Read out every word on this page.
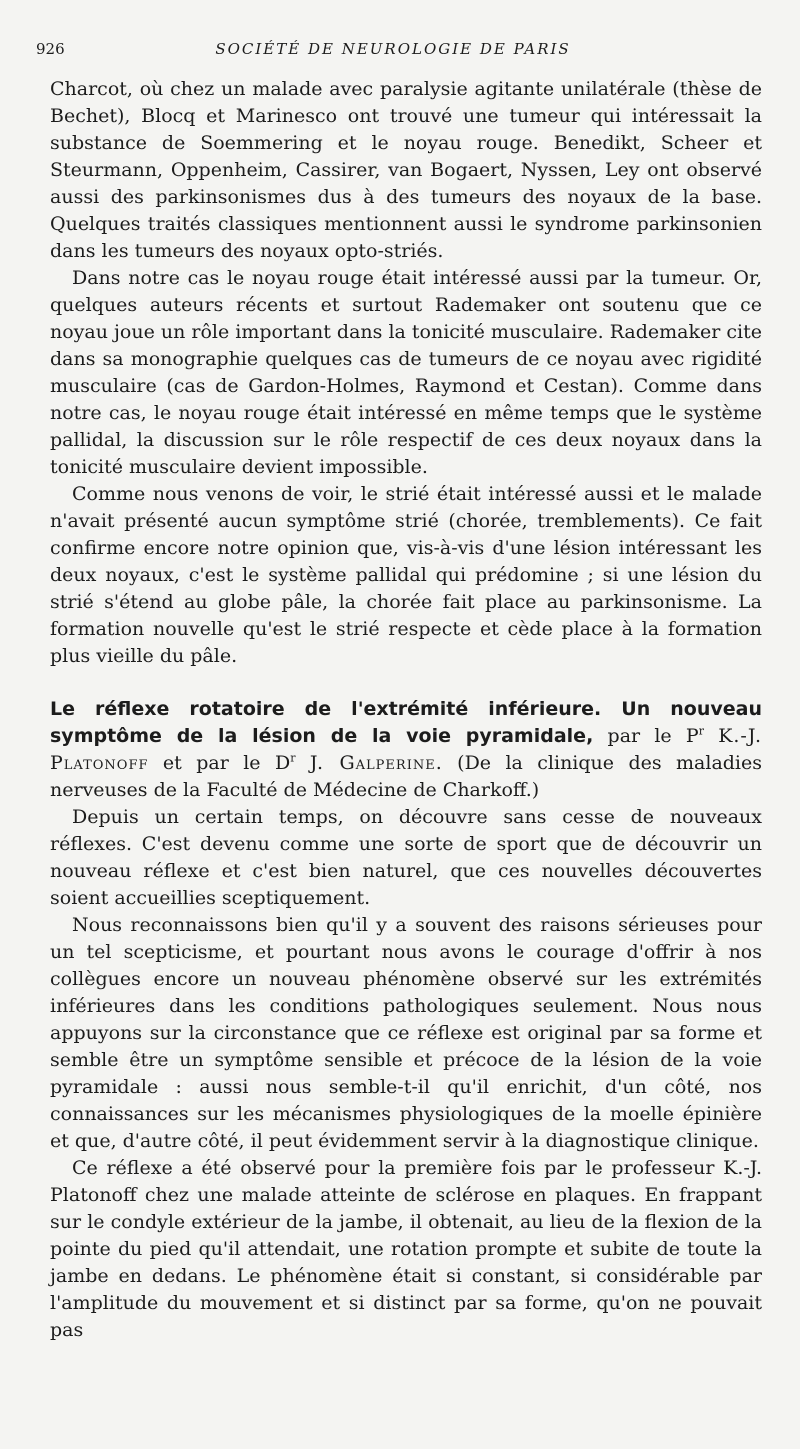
926	SOCIÉTÉ DE NEUROLOGIE DE PARIS

Charcot, où chez un malade avec paralysie agitante unilatérale (thèse de Bechet), Blocq et Marinesco ont trouvé une tumeur qui intéressait la substance de Soemmering et le noyau rouge. Benedikt, Scheer et Steurmann, Oppenheim, Cassirer, van Bogaert, Nyssen, Ley ont observé aussi des parkinsonismes dus à des tumeurs des noyaux de la base. Quelques traités classiques mentionnent aussi le syndrome parkinsonien dans les tumeurs des noyaux opto-striés.

Dans notre cas le noyau rouge était intéressé aussi par la tumeur. Or, quelques auteurs récents et surtout Rademaker ont soutenu que ce noyau joue un rôle important dans la tonicité musculaire. Rademaker cite dans sa monographie quelques cas de tumeurs de ce noyau avec rigidité musculaire (cas de Gardon-Holmes, Raymond et Cestan). Comme dans notre cas, le noyau rouge était intéressé en même temps que le système pallidal, la discussion sur le rôle respectif de ces deux noyaux dans la tonicité musculaire devient impossible.

Comme nous venons de voir, le strié était intéressé aussi et le malade n'avait présenté aucun symptôme strié (chorée, tremblements). Ce fait confirme encore notre opinion que, vis-à-vis d'une lésion intéressant les deux noyaux, c'est le système pallidal qui prédomine ; si une lésion du strié s'étend au globe pâle, la chorée fait place au parkinsonisme. La formation nouvelle qu'est le strié respecte et cède place à la formation plus vieille du pâle.

Le réflexe rotatoire de l'extrémité inférieure. Un nouveau symptôme de la lésion de la voie pyramidale, par le $P^r$ K.-J. Platonoff et par le $D^r$ J. Galperine. (De la clinique des maladies nerveuses de la Faculté de Médecine de Charkoff.)

Depuis un certain temps, on découvre sans cesse de nouveaux réflexes. C'est devenu comme une sorte de sport que de découvrir un nouveau réflexe et c'est bien naturel, que ces nouvelles découvertes soient accueillies sceptiquement.

Nous reconnaissons bien qu'il y a souvent des raisons sérieuses pour un tel scepticisme, et pourtant nous avons le courage d'offrir à nos collègues encore un nouveau phénomène observé sur les extrémités inférieures dans les conditions pathologiques seulement. Nous nous appuyons sur la circonstance que ce réflexe est original par sa forme et semble être un symptôme sensible et précoce de la lésion de la voie pyramidale : aussi nous semble-t-il qu'il enrichit, d'un côté, nos connaissances sur les mécanismes physiologiques de la moelle épinière et que, d'autre côté, il peut évidemment servir à la diagnostique clinique.

Ce réflexe a été observé pour la première fois par le professeur K.-J. Platonoff chez une malade atteinte de sclérose en plaques. En frappant sur le condyle extérieur de la jambe, il obtenait, au lieu de la flexion de la pointe du pied qu'il attendait, une rotation prompte et subite de toute la jambe en dedans. Le phénomène était si constant, si considérable par l'amplitude du mouvement et si distinct par sa forme, qu'on ne pouvait pas
